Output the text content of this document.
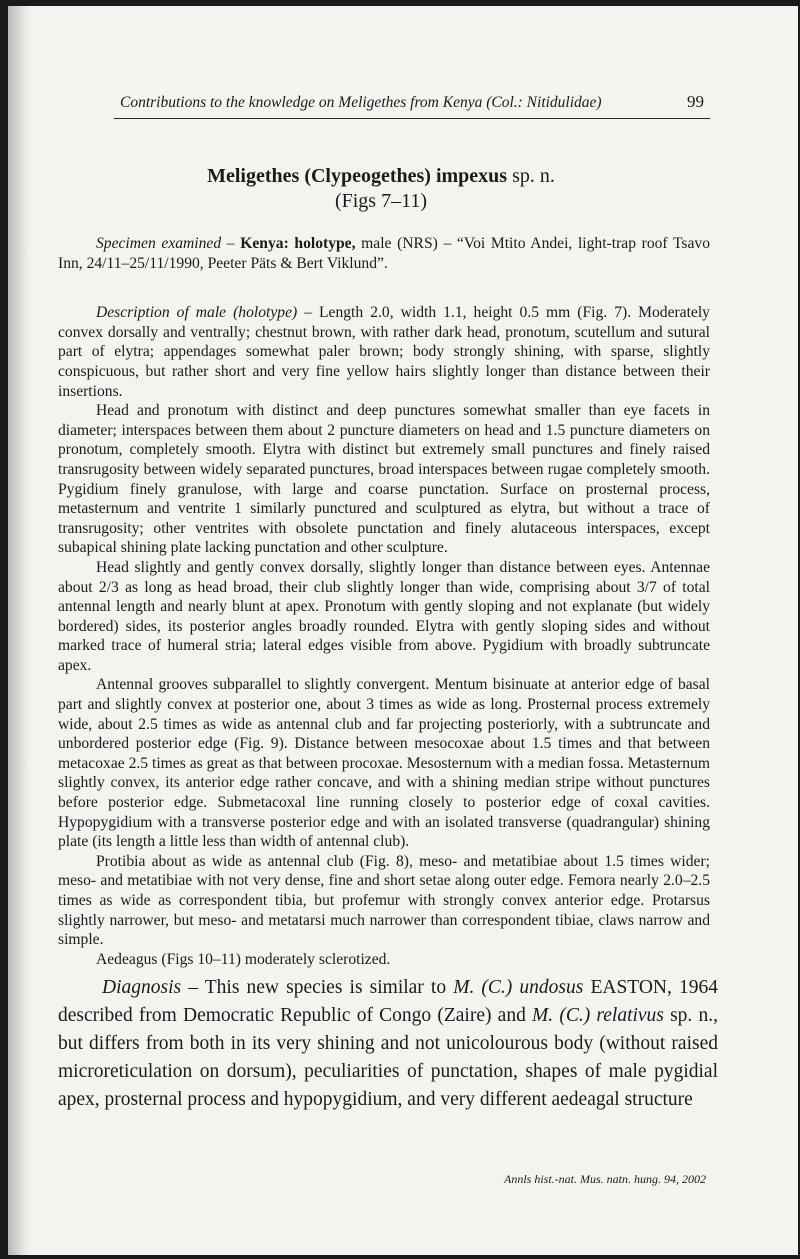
Contributions to the knowledge on Meligethes from Kenya (Col.: Nitidulidae)	99
Meligethes (Clypeogethes) impexus sp. n.
(Figs 7–11)

Specimen examined – Kenya: holotype, male (NRS) – “Voi Mtito Andei, light-trap roof Tsavo Inn, 24/11–25/11/1990, Peeter Päts & Bert Viklund”.

Description of male (holotype) – Length 2.0, width 1.1, height 0.5 mm (Fig. 7). Moderately convex dorsally and ventrally; chestnut brown, with rather dark head, pronotum, scutellum and sutural part of elytra; appendages somewhat paler brown; body strongly shining, with sparse, slightly conspicuous, but rather short and very fine yellow hairs slightly longer than distance between their insertions.

Head and pronotum with distinct and deep punctures somewhat smaller than eye facets in diameter; interspaces between them about 2 puncture diameters on head and 1.5 puncture diameters on pronotum, completely smooth. Elytra with distinct but extremely small punctures and finely raised transrugosity between widely separated punctures, broad interspaces between rugae completely smooth. Pygidium finely granulose, with large and coarse punctation. Surface on prosternal process, metasternum and ventrite 1 similarly punctured and sculptured as elytra, but without a trace of transrugosity; other ventrites with obsolete punctation and finely alutaceous interspaces, except subapical shining plate lacking punctation and other sculpture.

Head slightly and gently convex dorsally, slightly longer than distance between eyes. Antennae about 2/3 as long as head broad, their club slightly longer than wide, comprising about 3/7 of total antennal length and nearly blunt at apex. Pronotum with gently sloping and not explanate (but widely bordered) sides, its posterior angles broadly rounded. Elytra with gently sloping sides and without marked trace of humeral stria; lateral edges visible from above. Pygidium with broadly subtruncate apex.

Antennal grooves subparallel to slightly convergent. Mentum bisinuate at anterior edge of basal part and slightly convex at posterior one, about 3 times as wide as long. Prosternal process extremely wide, about 2.5 times as wide as antennal club and far projecting posteriorly, with a subtruncate and unbordered posterior edge (Fig. 9). Distance between mesocoxae about 1.5 times and that between metacoxae 2.5 times as great as that between procoxae. Mesosternum with a median fossa. Metasternum slightly convex, its anterior edge rather concave, and with a shining median stripe without punctures before posterior edge. Submetacoxal line running closely to posterior edge of coxal cavities. Hypopygidium with a transverse posterior edge and with an isolated transverse (quadrangular) shining plate (its length a little less than width of antennal club).

Protibia about as wide as antennal club (Fig. 8), meso- and metatibiae about 1.5 times wider; meso- and metatibiae with not very dense, fine and short setae along outer edge. Femora nearly 2.0–2.5 times as wide as correspondent tibia, but profemur with strongly convex anterior edge. Protarsus slightly narrower, but meso- and metatarsi much narrower than correspondent tibiae, claws narrow and simple.

Aedeagus (Figs 10–11) moderately sclerotized.

Diagnosis – This new species is similar to M. (C.) undosus EASTON, 1964 described from Democratic Republic of Congo (Zaire) and M. (C.) relativus sp. n., but differs from both in its very shining and not unicolourous body (without raised microreticulation on dorsum), peculiarities of punctation, shapes of male pygidial apex, prosternal process and hypopygidium, and very different aedeagal structure

Annls hist.-nat. Mus. natn. hung. 94, 2002
